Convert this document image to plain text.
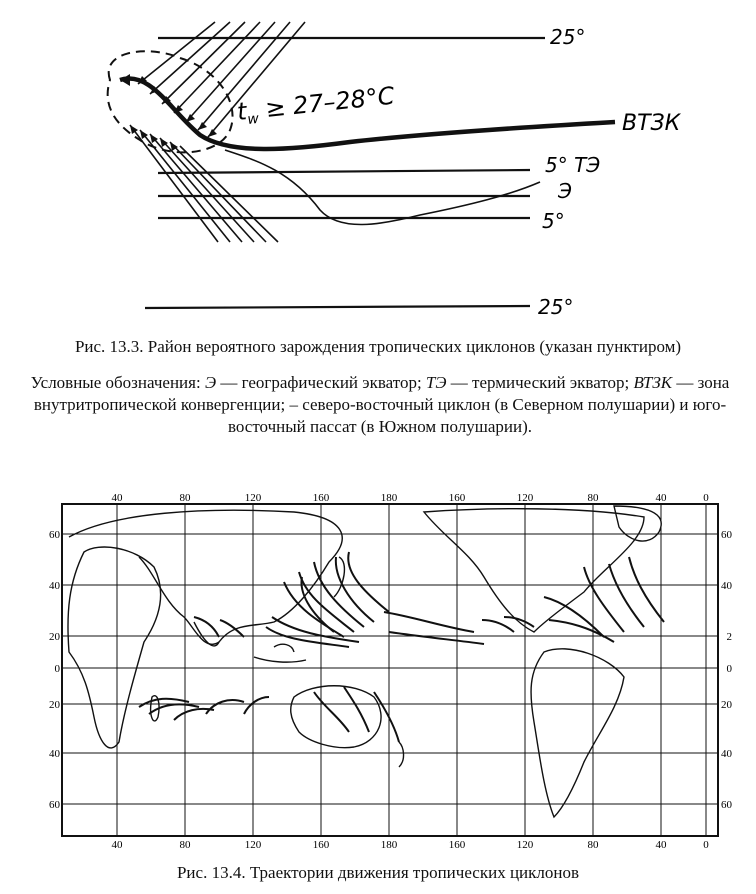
25°
$t_w \ge 27-28^\circ C$	ВТЗК
5° ТЭ
Э
5°
25°
Рис. 13.3. Район вероятного зарождения тропических циклонов (указан пунктиром)
Условные обозначения: Э — географический экватор; ТЭ — термический экватор; ВТЗК — зона внутритропической конвергенции; – северо-восточный циклон (в Северном полушарии) и юго-восточный пассат (в Южном полушарии).
40	80	120	160	180	160	120	80	40	0
40	80	120	160	180	160	120	80	40	0
60
40
20
0
20
40
60
60
40
2
0
20
40
60
Рис. 13.4. Траектории движения тропических циклонов
